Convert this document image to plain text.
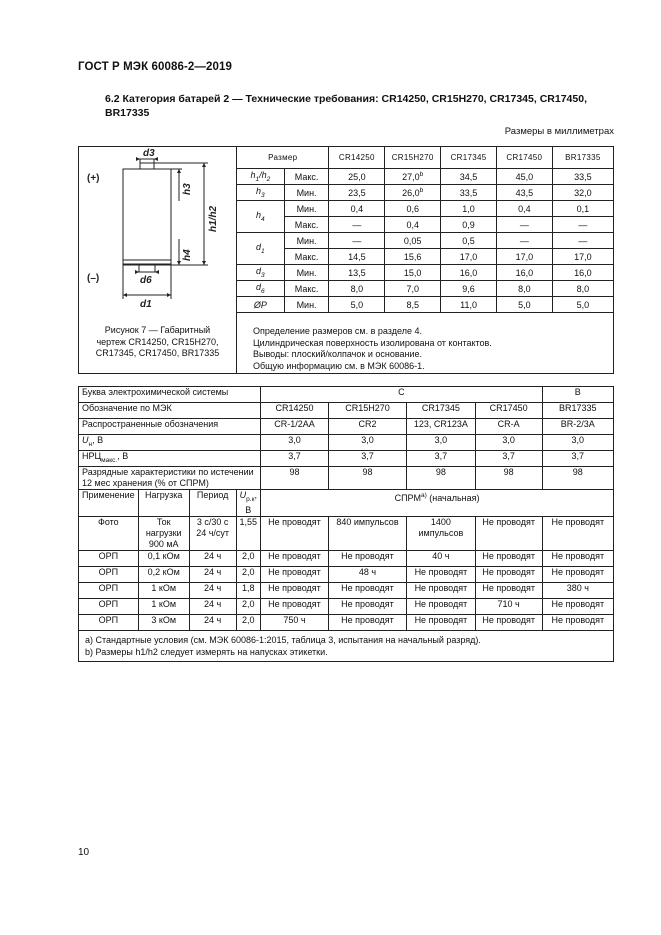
ГОСТ Р МЭК 60086-2—2019
6.2 Категория батарей 2 — Технические требования: CR14250, CR15H270, CR17345, CR17450, BR17335
Размеры в миллиметрах
(+)
(–)
d3
d6
d1
h3
h4
h1/h2
Рисунок 7 — Габаритный
чертеж CR14250, CR15H270,
CR17345, CR17450, BR17335
Размер		CR14250	CR15H270	CR17345	CR17450	BR17335
$h_1/h_2$	Макс.	25,0	27,0$^b$	34,5	45,0	33,5
$h_3$	Мин.	23,5	26,0$^b$	33,5	43,5	32,0
$h_4$	Мин.	0,4	0,6	1,0	0,4	0,1
	Макс.	—	0,4	0,9	—	—
$d_1$	Мин.	—	0,05	0,5	—	—
	Макс.	14,5	15,6	17,0	17,0	17,0
$d_3$	Мин.	13,5	15,0	16,0	16,0	16,0
$d_6$	Макс.	8,0	7,0	9,6	8,0	8,0
ØP	Мин.	5,0	8,5	11,0	5,0	5,0
Определение размеров см. в разделе 4.
Цилиндрическая поверхность изолирована от контактов.
Выводы: плоский/колпачок и основание.
Общую информацию см. в МЭК 60086-1.
Буква электрохимической системы				C				B
Обозначение по МЭК				CR14250	CR15H270	CR17345	CR17450	BR17335
Распространенные обозначения				CR-1/2AA	CR2	123, CR123A	CR-A	BR-2/3A
$U_н$, В				3,0	3,0	3,0	3,0	3,0
$НРЦ_{макс.}$, В				3,7	3,7	3,7	3,7	3,7
Разрядные характеристики по истечении 12 мес хранения (% от СПРМ)				98	98	98	98	98
Применение	Нагрузка	Период	$U_{р.к}$, В	$СПРМ^{а)}$ (начальная)				
Фото	Ток нагрузки 900 мА	3 с/30 с 24 ч/сут	1,55	Не проводят	840 импульсов	1400 импульсов	Не проводят	Не проводят
ОРП	0,1 кОм	24 ч	2,0	Не проводят	Не проводят	40 ч	Не проводят	Не проводят
ОРП	0,2 кОм	24 ч	2,0	Не проводят	48 ч	Не проводят	Не проводят	Не проводят
ОРП	1 кОм	24 ч	1,8	Не проводят	Не проводят	Не проводят	Не проводят	380 ч
ОРП	1 кОм	24 ч	2,0	Не проводят	Не проводят	Не проводят	710 ч	Не проводят
ОРП	3 кОм	24 ч	2,0	750 ч	Не проводят	Не проводят	Не проводят	Не проводят

a) Стандартные условия (см. МЭК 60086-1:2015, таблица 3, испытания на начальный разряд).
b) Размеры h1/h2 следует измерять на напусках этикетки.								
10
